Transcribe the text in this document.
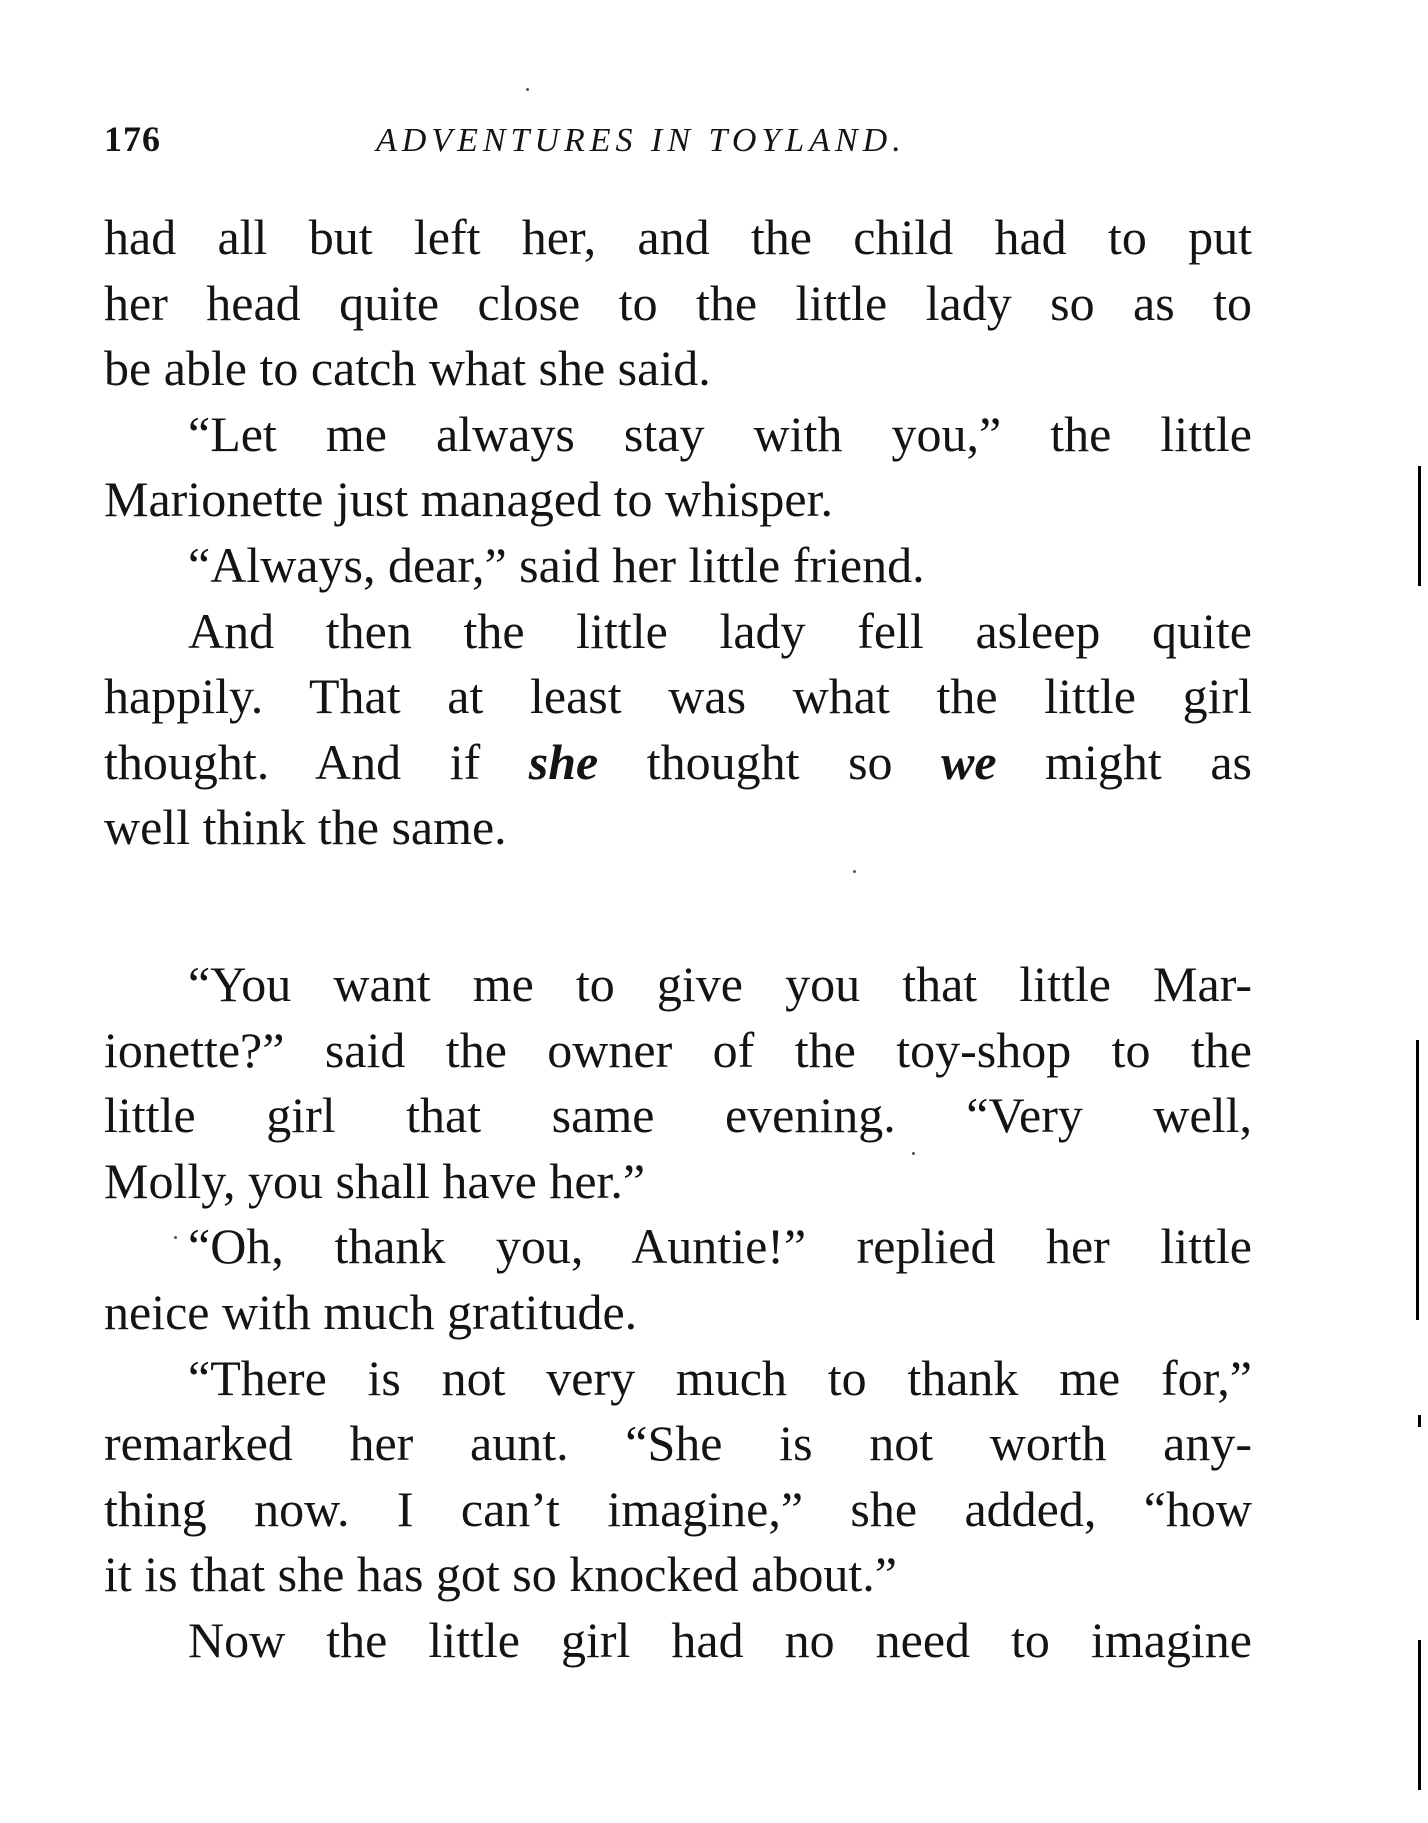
176	ADVENTURES IN TOYLAND.
had all but left her, and the child had to put
her head quite close to the little lady so as to
be able to catch what she said.
“Let me always stay with you,” the little
Marionette just managed to whisper.
“Always, dear,” said her little friend.
And then the little lady fell asleep quite
happily. That at least was what the little girl
thought. And if she thought so we might as
well think the same.
“You want me to give you that little Mar-
ionette?” said the owner of the toy-shop to the
little girl that same evening. “Very well,
Molly, you shall have her.”
“Oh, thank you, Auntie!” replied her little
neice with much gratitude.
“There is not very much to thank me for,”
remarked her aunt. “She is not worth any-
thing now. I can’t imagine,” she added, “how
it is that she has got so knocked about.”
Now the little girl had no need to imagine
